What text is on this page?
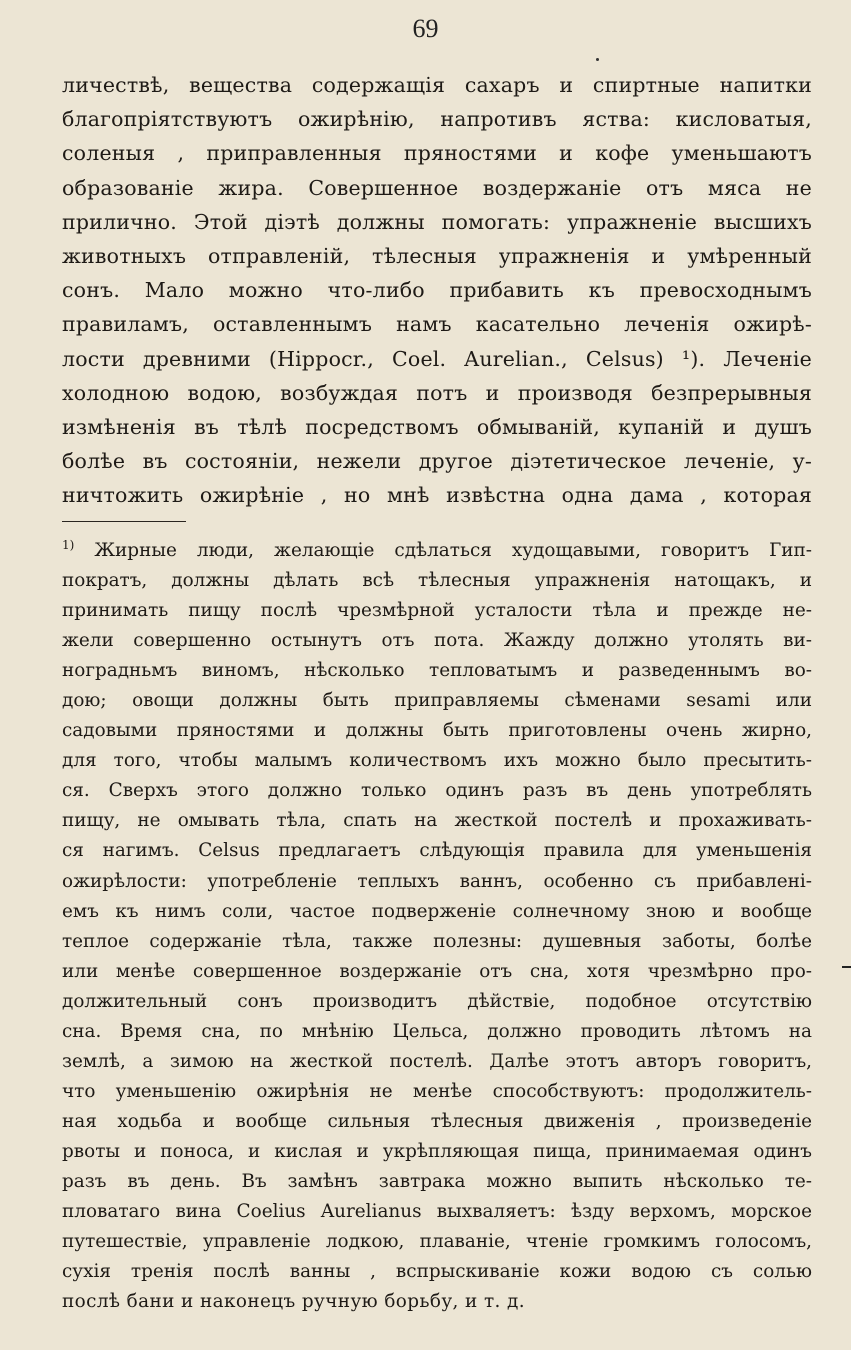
69
личествѣ, вещества содержащія сахаръ и спиртные напитки
благопріятствуютъ ожирѣнію, напротивъ яства: кисловатыя,
соленыя , приправленныя пряностями и кофе уменьшаютъ
образованіе жира. Совершенное воздержаніе отъ мяса не
прилично. Этой діэтѣ должны помогать: упражненіе высшихъ
животныхъ отправленій, тѣлесныя упражненія и умѣренный
сонъ. Мало можно что-либо прибавить къ превосходнымъ
правиламъ, оставленнымъ намъ касательно леченія ожирѣ-
лости древними (Hippocr., Coel. Aurelian., Celsus) ¹). Леченіе
холодною водою, возбуждая потъ и производя безпрерывныя
измѣненія въ тѣлѣ посредствомъ обмываній, купаній и душъ
болѣе въ состояніи, нежели другое діэтетическое леченіе, у-
ничтожить ожирѣніе , но мнѣ извѣстна одна дама , которая
$^{1)}$ Жирные люди, желающіе сдѣлаться худощавыми, говоритъ Гип-
пократъ, должны дѣлать всѣ тѣлесныя упражненія натощакъ, и
принимать пищу послѣ чрезмѣрной усталости тѣла и прежде не-
жели совершенно остынутъ отъ пота. Жажду должно утолять ви-
ноградньмъ виномъ, нѣсколько тепловатымъ и разведеннымъ во-
дою; овощи должны быть приправляемы сѣменами sesami или
садовыми пряностями и должны быть приготовлены очень жирно,
для того, чтобы малымъ количествомъ ихъ можно было пресытить-
ся. Сверхъ этого должно только одинъ разъ въ день употреблять
пищу, не омывать тѣла, спать на жесткой постелѣ и прохаживать-
ся нагимъ. Celsus предлагаетъ слѣдующія правила для уменьшенія
ожирѣлости: употребленіе теплыхъ ваннъ, особенно съ прибавлені-
емъ къ нимъ соли, частое подверженіе солнечному зною и вообще
теплое содержаніе тѣла, также полезны: душевныя заботы, болѣе
или менѣе совершенное воздержаніе отъ сна, хотя чрезмѣрно про-
должительный сонъ производитъ дѣйствіе, подобное отсутствію
сна. Время сна, по мнѣнію Цельса, должно проводить лѣтомъ на
землѣ, а зимою на жесткой постелѣ. Далѣе этотъ авторъ говоритъ,
что уменьшенію ожирѣнія не менѣе способствуютъ: продолжитель-
ная ходьба и вообще сильныя тѣлесныя движенія , произведеніе
рвоты и поноса, и кислая и укрѣпляющая пища, принимаемая одинъ
разъ въ день. Въ замѣнъ завтрака можно выпить нѣсколько те-
пловатаго вина Coelius Aurelianus выхваляетъ: ѣзду верхомъ, морское
путешествіе, управленіе лодкою, плаваніе, чтеніе громкимъ голосомъ,
сухія тренія послѣ ванны , вспрыскиваніе кожи водою съ солью
послѣ бани и наконецъ ручную борьбу, и т. д.
